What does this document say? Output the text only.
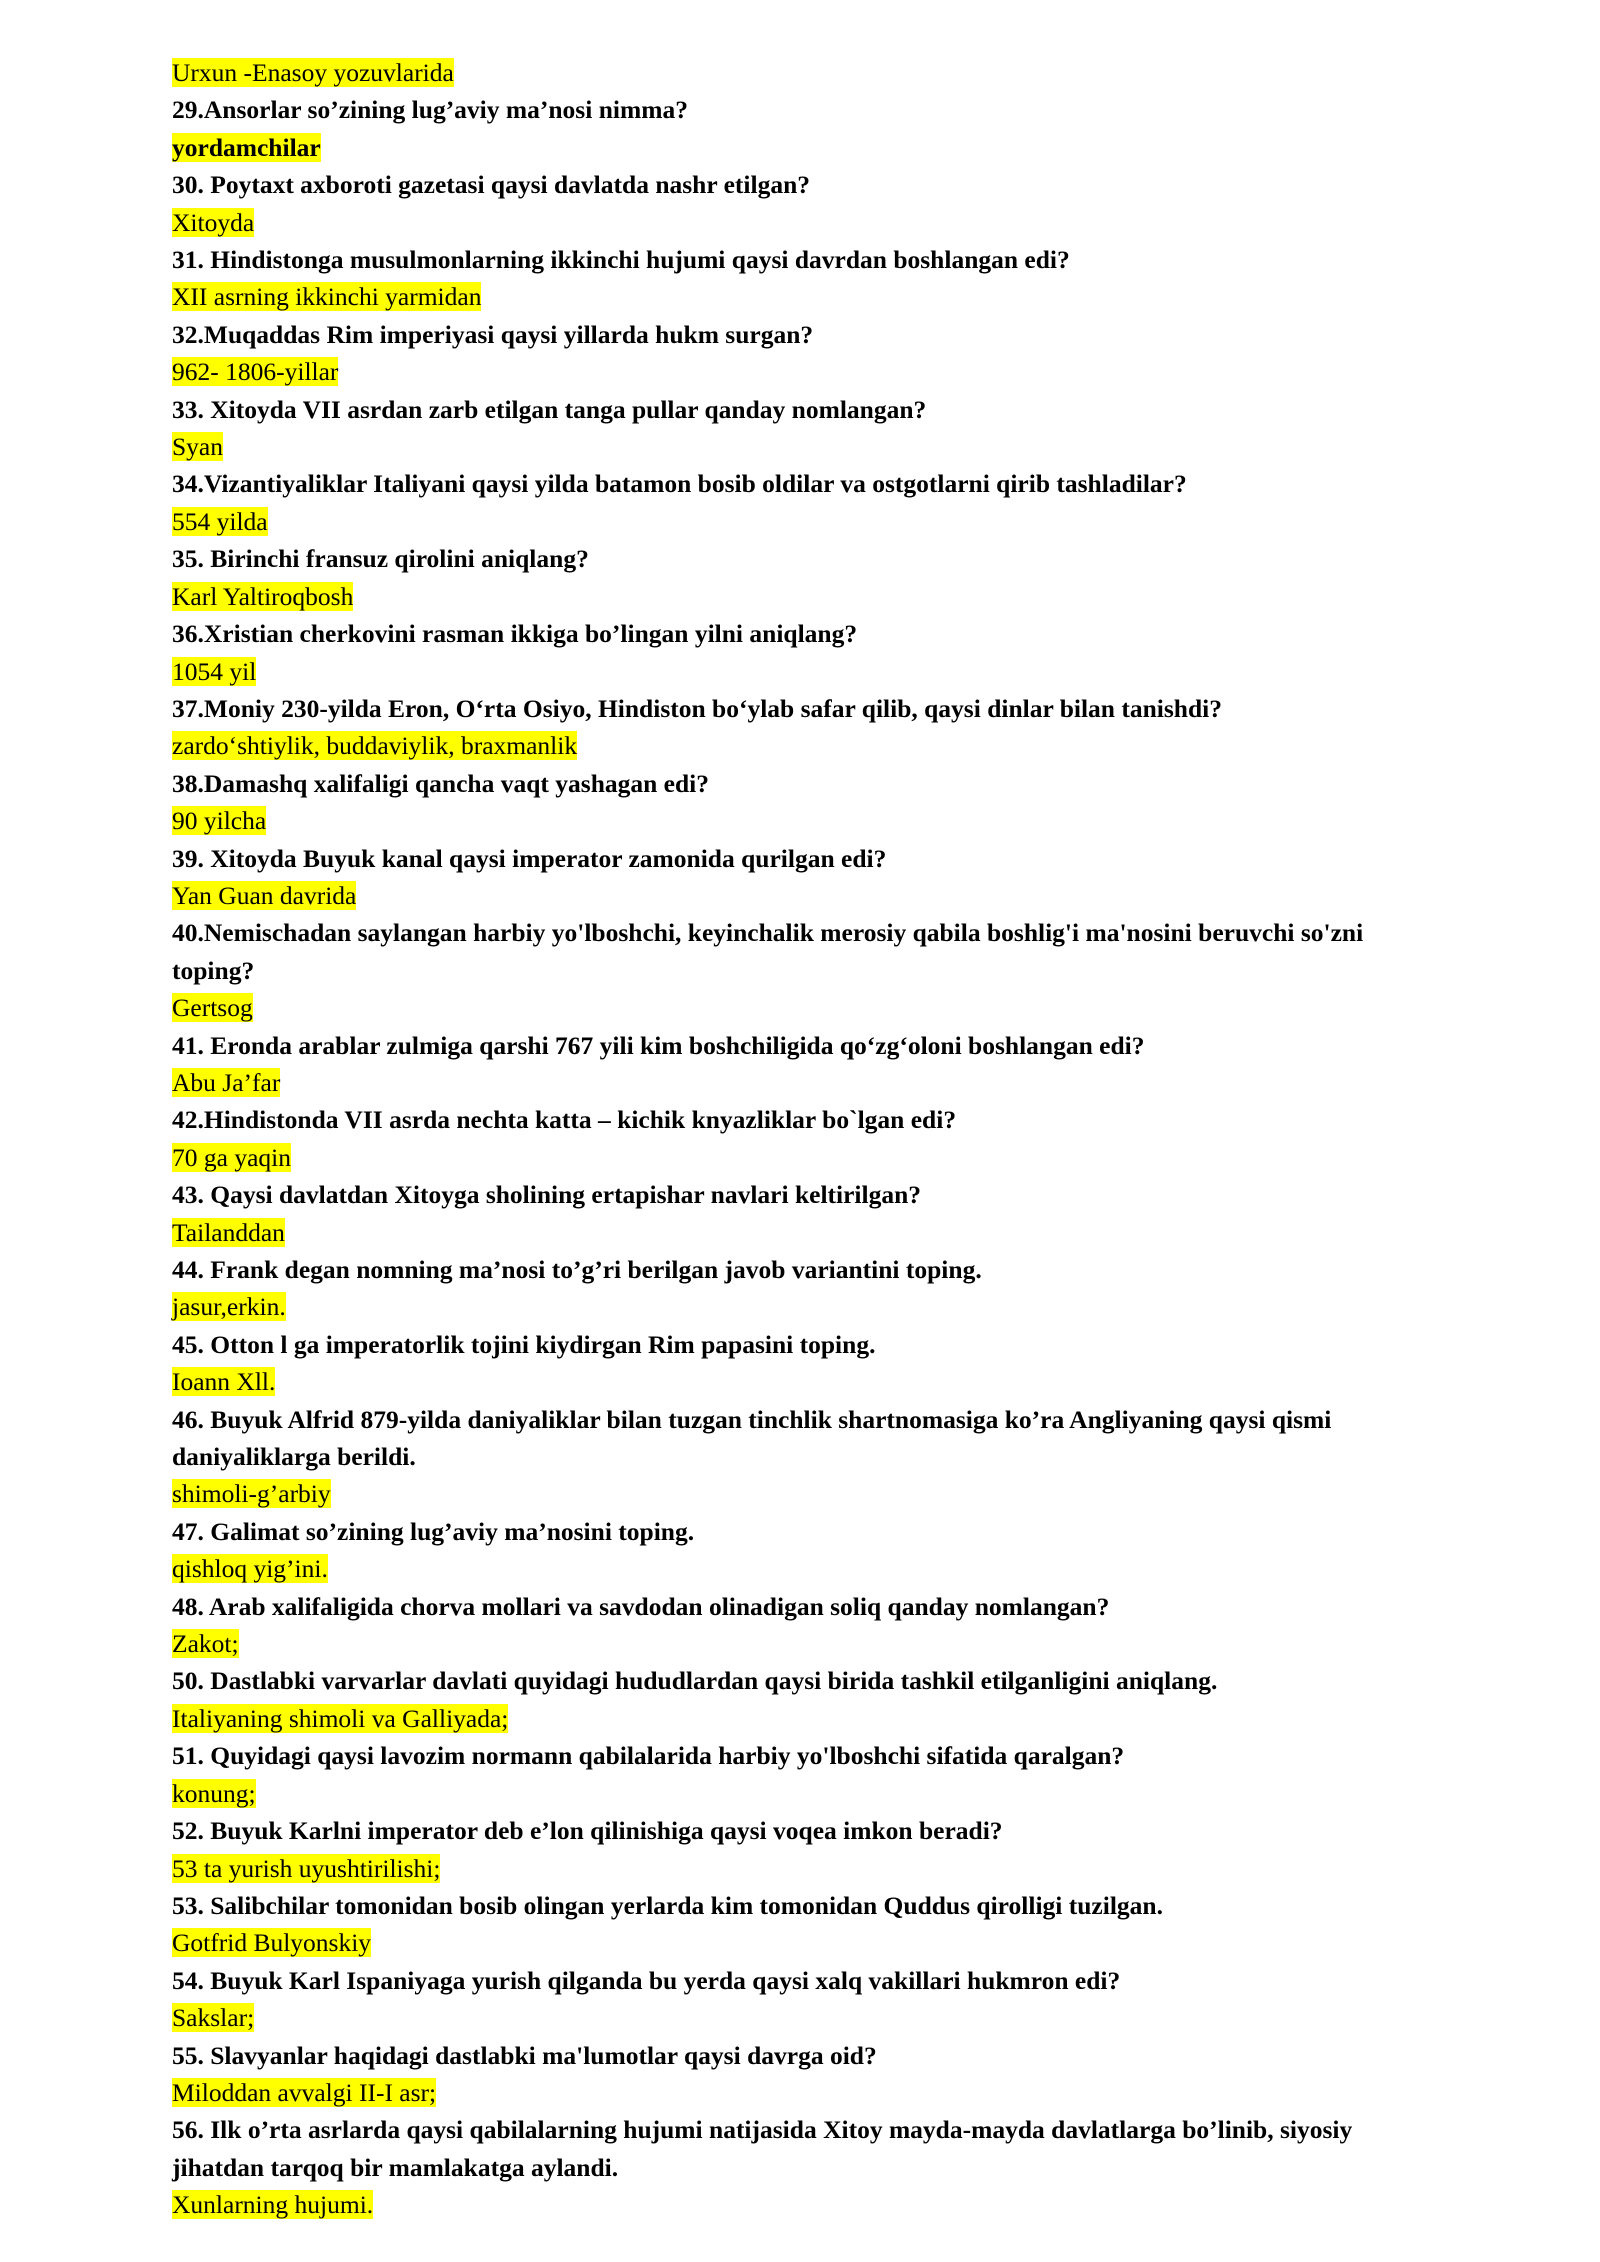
Urxun -Enasoy yozuvlarida
29.Ansorlar so’zining lug’aviy ma’nosi nimma?
yordamchilar
30. Poytaxt axboroti gazetasi qaysi davlatda nashr etilgan?
Xitoyda
31. Hindistonga musulmonlarning ikkinchi hujumi qaysi davrdan boshlangan edi?
XII asrning ikkinchi yarmidan
32.Muqaddas Rim imperiyasi qaysi yillarda hukm surgan?
962- 1806-yillar
33. Xitoyda VII asrdan zarb etilgan tanga pullar qanday nomlangan?
Syan
34.Vizantiyaliklar Italiyani qaysi yilda batamon bosib oldilar va ostgotlarni qirib tashladilar?
554 yilda
35. Birinchi fransuz qirolini aniqlang?
Karl Yaltiroqbosh
36.Xristian cherkovini rasman ikkiga bo’lingan yilni aniqlang?
1054 yil
37.Moniy 230-yilda Eron, O‘rta Osiyo, Hindiston bo‘ylab safar qilib, qaysi dinlar bilan tanishdi?
zardo‘shtiylik, buddaviylik, braxmanlik
38.Damashq xalifaligi qancha vaqt yashagan edi?
90 yilcha
39. Xitoyda Buyuk kanal qaysi imperator zamonida qurilgan edi?
Yan Guan davrida
40.Nemischadan saylangan harbiy yo'lboshchi, keyinchalik merosiy qabila boshlig'i ma'nosini beruvchi so'zni toping?
Gertsog
41. Eronda arablar zulmiga qarshi 767 yili kim boshchiligida qo‘zg‘oloni boshlangan edi?
Abu Ja’far
42.Hindistonda VII asrda nechta katta – kichik knyazliklar bo`lgan edi?
70 ga yaqin
43. Qaysi davlatdan Xitoyga sholining ertapishar navlari keltirilgan?
Tailanddan
44. Frank degan nomning ma’nosi to’g’ri berilgan javob variantini toping.
jasur,erkin.
45. Otton l ga imperatorlik tojini kiydirgan Rim papasini toping.
Ioann Xll.
46. Buyuk Alfrid 879-yilda daniyaliklar bilan tuzgan tinchlik shartnomasiga ko’ra Angliyaning qaysi qismi daniyaliklarga berildi.
shimoli-g’arbiy
47. Galimat so’zining lug’aviy ma’nosini toping.
qishloq yig’ini.
48. Arab xalifaligida chorva mollari va savdodan olinadigan soliq qanday nomlangan?
Zakot;
50. Dastlabki varvarlar davlati quyidagi hududlardan qaysi birida tashkil etilganligini aniqlang.
Italiyaning shimoli va Galliyada;
51. Quyidagi qaysi lavozim normann qabilalarida harbiy yo'lboshchi sifatida qaralgan?
konung;
52. Buyuk Karlni imperator deb e’lon qilinishiga qaysi voqea imkon beradi?
53 ta yurish uyushtirilishi;
53. Salibchilar tomonidan bosib olingan yerlarda kim tomonidan Quddus qirolligi tuzilgan.
Gotfrid Bulyonskiy
54. Buyuk Karl Ispaniyaga yurish qilganda bu yerda qaysi xalq vakillari hukmron edi?
Sakslar;
55. Slavyanlar haqidagi dastlabki ma'lumotlar qaysi davrga oid?
Miloddan avvalgi II-I asr;
56. Ilk o’rta asrlarda qaysi qabilalarning hujumi natijasida Xitoy mayda-mayda davlatlarga bo’linib, siyosiy jihatdan tarqoq bir mamlakatga aylandi.
Xunlarning hujumi.
